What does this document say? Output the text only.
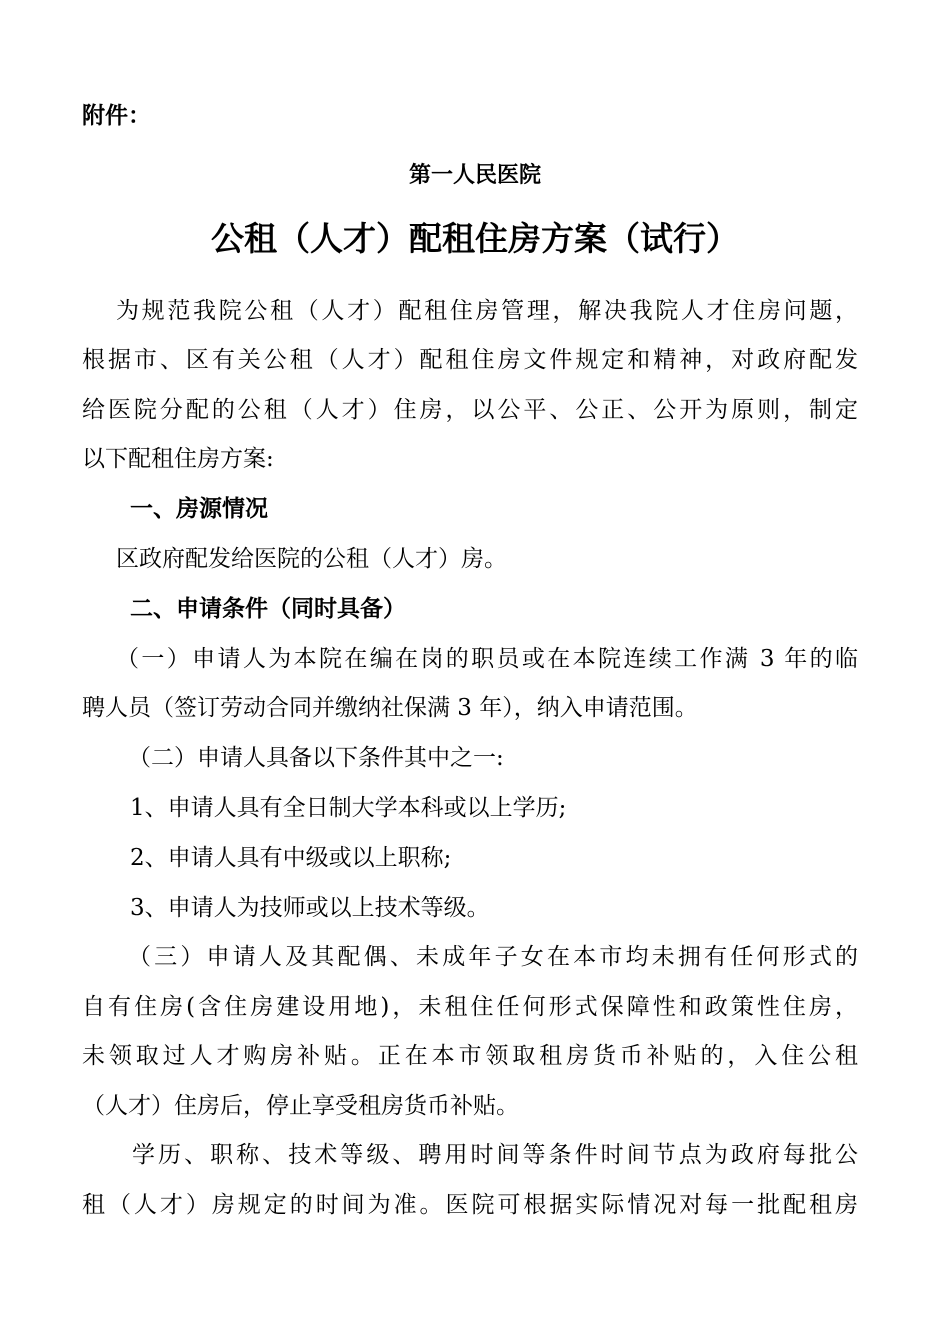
附件：
第一人民医院
公租（人才）配租住房方案（试行）
为规范我院公租（人才）配租住房管理，解决我院人才住房问题，
根据市、区有关公租（人才）配租住房文件规定和精神，对政府配发
给医院分配的公租（人才）住房，以公平、公正、公开为原则，制定
以下配租住房方案:
一、房源情况
区政府配发给医院的公租（人才）房。
二、申请条件（同时具备）
（一）申请人为本院在编在岗的职员或在本院连续工作满 3 年的临
聘人员（签订劳动合同并缴纳社保满 3 年），纳入申请范围。
（二）申请人具备以下条件其中之一:
1、申请人具有全日制大学本科或以上学历;
2、申请人具有中级或以上职称;
3、申请人为技师或以上技术等级。
（三）申请人及其配偶、未成年子女在本市均未拥有任何形式的
自有住房(含住房建设用地)，未租住任何形式保障性和政策性住房，
未领取过人才购房补贴。正在本市领取租房货币补贴的，入住公租
（人才）住房后，停止享受租房货币补贴。
学历、职称、技术等级、聘用时间等条件时间节点为政府每批公
租（人才）房规定的时间为准。医院可根据实际情况对每一批配租房
